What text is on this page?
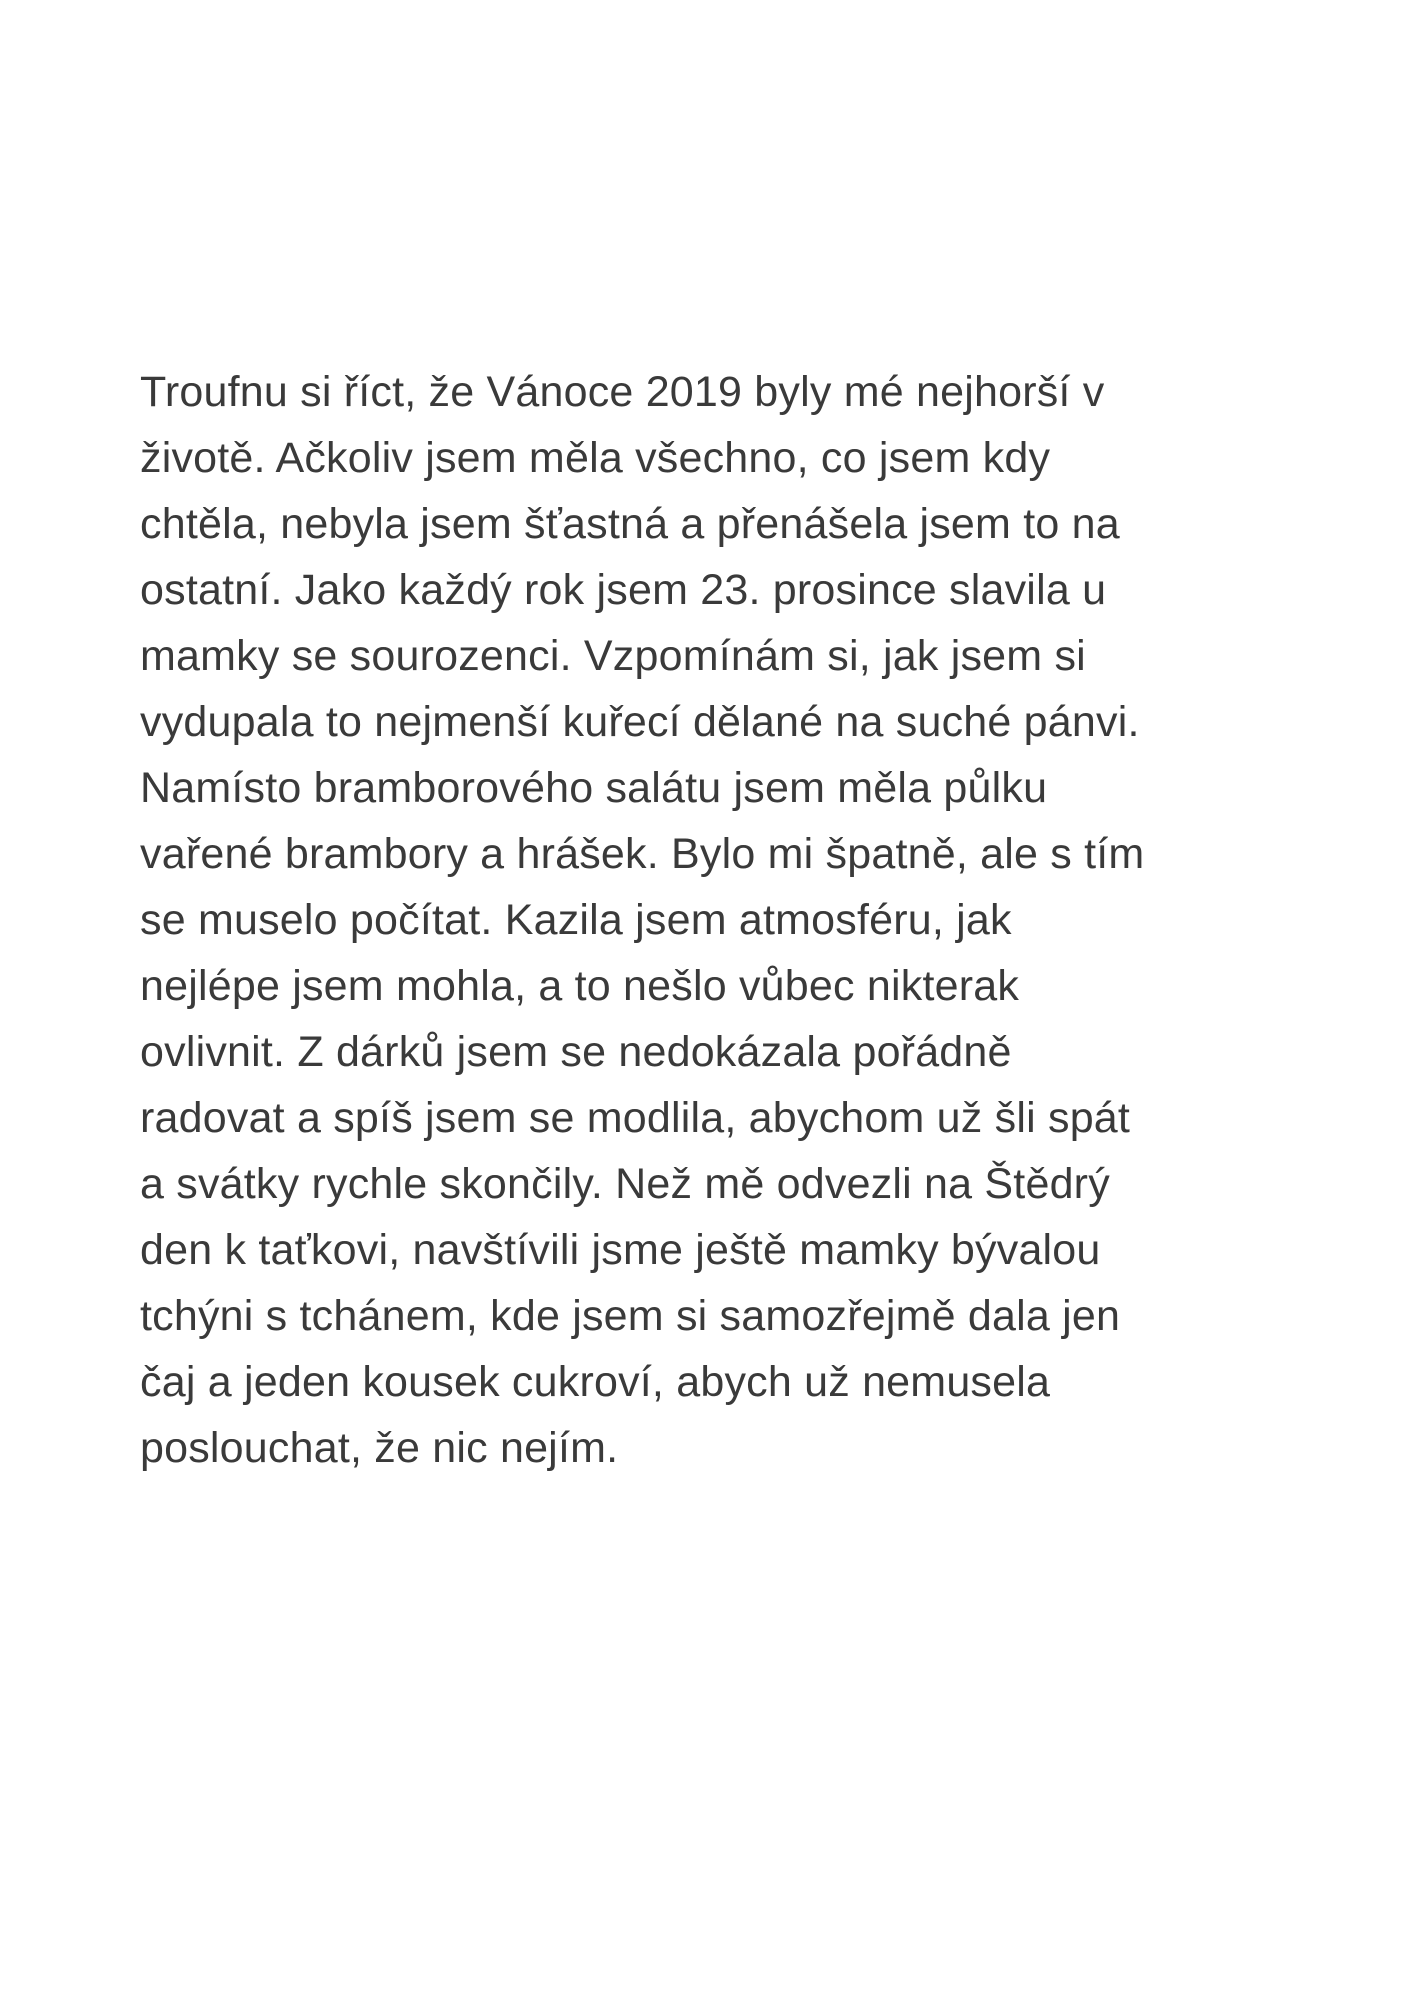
Troufnu si říct, že Vánoce 2019 byly mé nejhorší v
životě. Ačkoliv jsem měla všechno, co jsem kdy
chtěla, nebyla jsem šťastná a přenášela jsem to na
ostatní. Jako každý rok jsem 23. prosince slavila u
mamky se sourozenci. Vzpomínám si, jak jsem si
vydupala to nejmenší kuřecí dělané na suché pánvi.
Namísto bramborového salátu jsem měla půlku
vařené brambory a hrášek. Bylo mi špatně, ale s tím
se muselo počítat. Kazila jsem atmosféru, jak
nejlépe jsem mohla, a to nešlo vůbec nikterak
ovlivnit. Z dárků jsem se nedokázala pořádně
radovat a spíš jsem se modlila, abychom už šli spát
a svátky rychle skončily. Než mě odvezli na Štědrý
den k taťkovi, navštívili jsme ještě mamky bývalou
tchýni s tchánem, kde jsem si samozřejmě dala jen
čaj a jeden kousek cukroví, abych už nemusela
poslouchat, že nic nejím.
